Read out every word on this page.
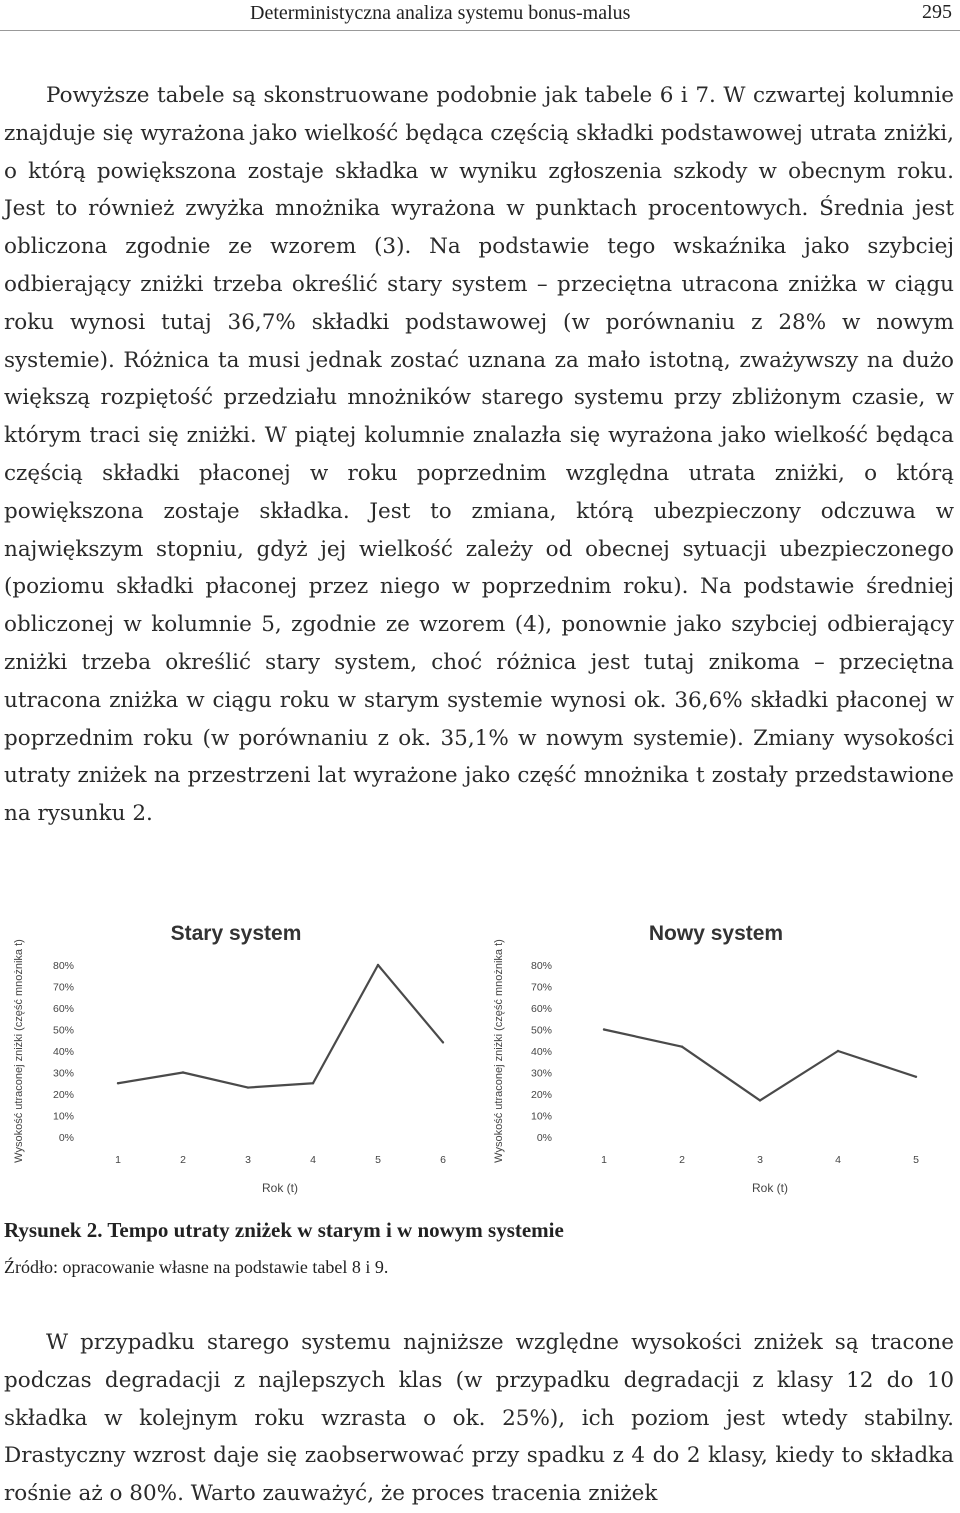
Deterministyczna analiza systemu bonus-malus	295

Powyższe tabele są skonstruowane podobnie jak tabele 6 i 7. W czwartej kolumnie znajduje się wyrażona jako wielkość będąca częścią składki podstawowej utrata zniżki, o którą powiększona zostaje składka w wyniku zgłoszenia szkody w obecnym roku. Jest to również zwyżka mnożnika wyrażona w punktach procentowych. Średnia jest obliczona zgodnie ze wzorem (3). Na podstawie tego wskaźnika jako szybciej odbierający zniżki trzeba określić stary system – przeciętna utracona zniżka w ciągu roku wynosi tutaj 36,7% składki podstawowej (w porównaniu z 28% w nowym systemie). Różnica ta musi jednak zostać uznana za mało istotną, zważywszy na dużo większą rozpiętość przedziału mnożników starego systemu przy zbliżonym czasie, w którym traci się zniżki. W piątej kolumnie znalazła się wyrażona jako wielkość będąca częścią składki płaconej w roku poprzednim względna utrata zniżki, o którą powiększona zostaje składka. Jest to zmiana, którą ubezpieczony odczuwa w największym stopniu, gdyż jej wielkość zależy od obecnej sytuacji ubezpieczonego (poziomu składki płaconej przez niego w poprzednim roku). Na podstawie średniej obliczonej w kolumnie 5, zgodnie ze wzorem (4), ponownie jako szybciej odbierający zniżki trzeba określić stary system, choć różnica jest tutaj znikoma – przeciętna utracona zniżka w ciągu roku w starym systemie wynosi ok. 36,6% składki płaconej w poprzednim roku (w porównaniu z ok. 35,1% w nowym systemie). Zmiany wysokości utraty zniżek na przestrzeni lat wyrażone jako część mnożnika t zostały przedstawione na rysunku 2.

Stary system
0%
10%
20%
30%
40%
50%
60%
70%
80%
Wysokość utraconej zniżki (część mnożnika t)	1	2	3	4	5	6
Rok (t)
Nowy system
0%
10%
20%
30%
40%
50%
60%
70%
80%
Wysokość utraconej zniżki (część mnożnika t)	1	2	3	4	5
Rok (t)
Rysunek 2. Tempo utraty zniżek w starym i w nowym systemie
Źródło: opracowanie własne na podstawie tabel 8 i 9.

W przypadku starego systemu najniższe względne wysokości zniżek są tracone podczas degradacji z najlepszych klas (w przypadku degradacji z klasy 12 do 10 składka w kolejnym roku wzrasta o ok. 25%), ich poziom jest wtedy stabilny. Drastyczny wzrost daje się zaobserwować przy spadku z 4 do 2 klasy, kiedy to składka rośnie aż o 80%. Warto zauważyć, że proces tracenia zniżek
